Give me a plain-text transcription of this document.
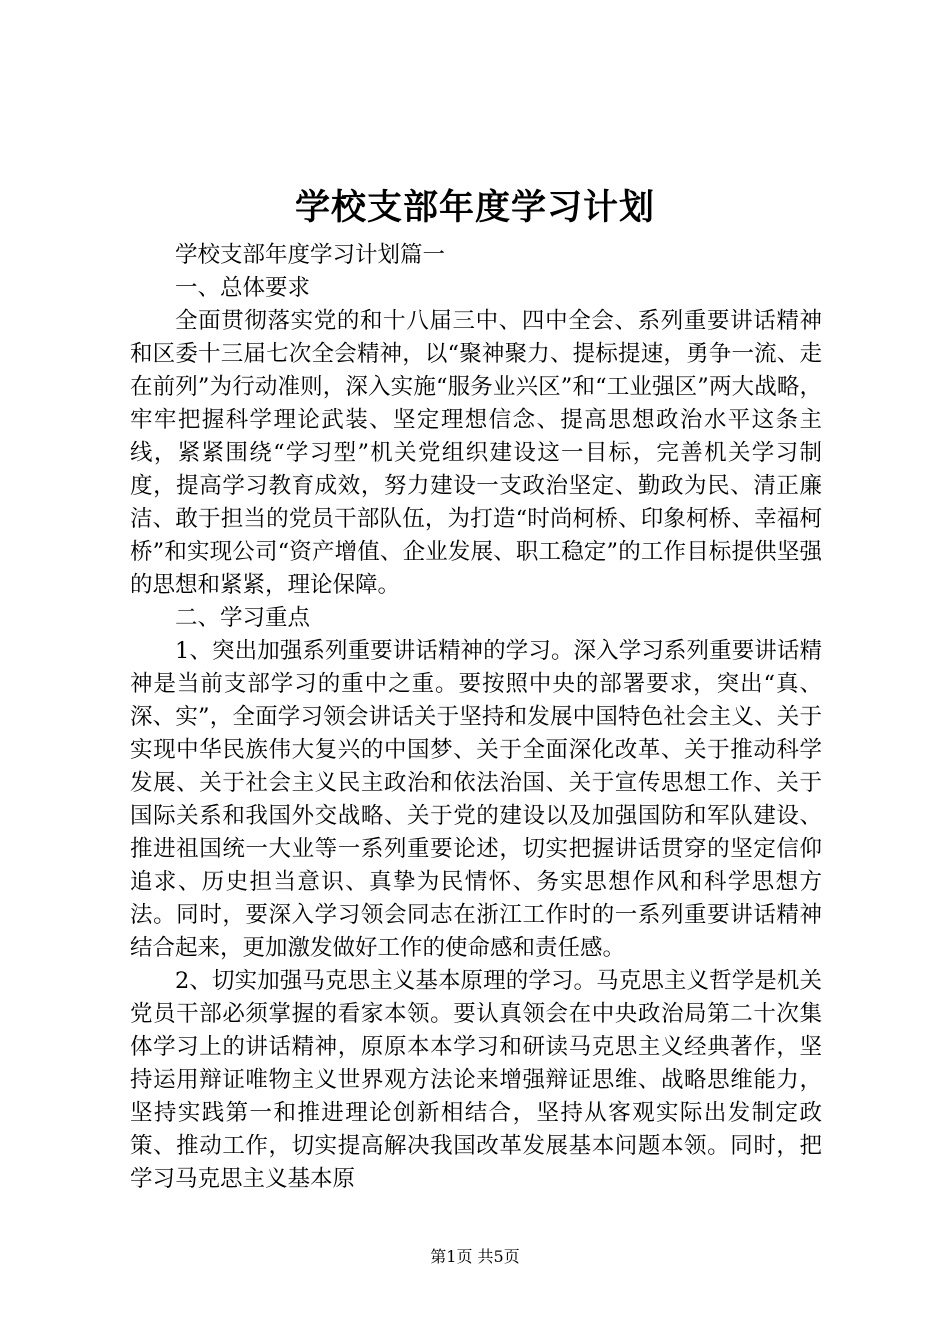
学校支部年度学习计划

学校支部年度学习计划篇一

一、总体要求

全面贯彻落实党的和十八届三中、四中全会、系列重要讲话精神和区委十三届七次全会精神，以“聚神聚力、提标提速，勇争一流、走在前列”为行动准则，深入实施“服务业兴区”和“工业强区”两大战略，牢牢把握科学理论武装、坚定理想信念、提高思想政治水平这条主线，紧紧围绕“学习型”机关党组织建设这一目标，完善机关学习制度，提高学习教育成效，努力建设一支政治坚定、勤政为民、清正廉洁、敢于担当的党员干部队伍，为打造“时尚柯桥、印象柯桥、幸福柯桥”和实现公司“资产增值、企业发展、职工稳定”的工作目标提供坚强的思想和紧紧，理论保障。

二、学习重点

1、突出加强系列重要讲话精神的学习。深入学习系列重要讲话精神是当前支部学习的重中之重。要按照中央的部署要求，突出“真、深、实”，全面学习领会讲话关于坚持和发展中国特色社会主义、关于实现中华民族伟大复兴的中国梦、关于全面深化改革、关于推动科学发展、关于社会主义民主政治和依法治国、关于宣传思想工作、关于国际关系和我国外交战略、关于党的建设以及加强国防和军队建设、推进祖国统一大业等一系列重要论述，切实把握讲话贯穿的坚定信仰追求、历史担当意识、真挚为民情怀、务实思想作风和科学思想方法。同时，要深入学习领会同志在浙江工作时的一系列重要讲话精神结合起来，更加激发做好工作的使命感和责任感。

2、切实加强马克思主义基本原理的学习。马克思主义哲学是机关党员干部必须掌握的看家本领。要认真领会在中央政治局第二十次集体学习上的讲话精神，原原本本学习和研读马克思主义经典著作，坚持运用辩证唯物主义世界观方法论来增强辩证思维、战略思维能力，坚持实践第一和推进理论创新相结合，坚持从客观实际出发制定政策、推动工作，切实提高解决我国改革发展基本问题本领。同时，把学习马克思主义基本原

第1页 共5页
